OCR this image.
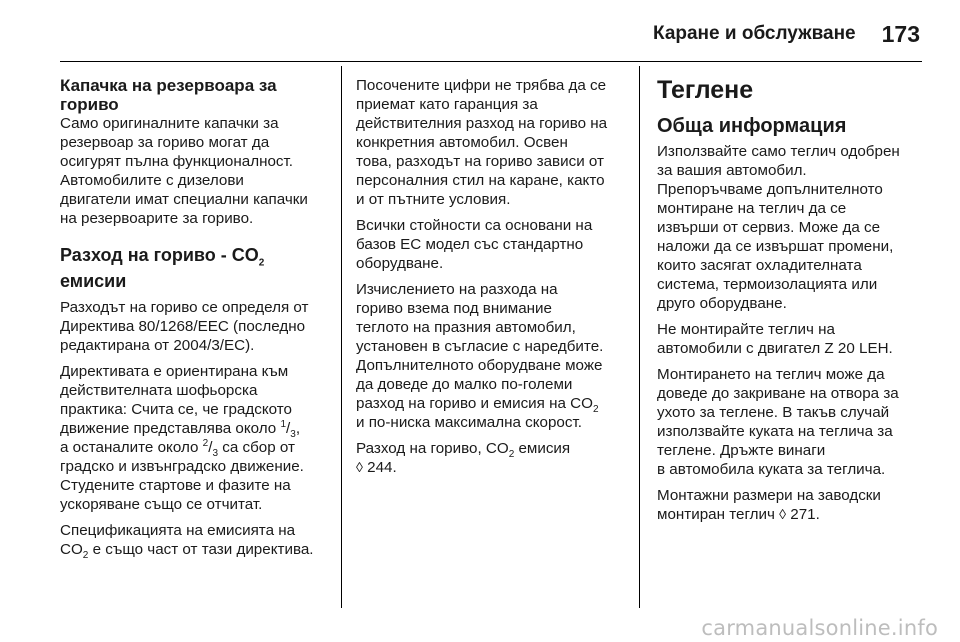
Каране и обслужване 173
Капачка на резервоара за
гориво

Само оригиналните капачки за
резервоар за гориво могат да
осигурят пълна функционалност.
Автомобилите с дизелови
двигатели имат специални капачки
на резервоарите за гориво.

Разход на гориво - $CO_2$
емисии

Разходът на гориво се определя от
Директива 80/1268/EEC (последно
редактирана от 2004/3/EC).

Директивата е ориентирана към
действителната шофьорска
практика: Счита се, че градското
движение представлява около $^1/_3$,
а останалите около $^2/_3$ са сбор от
градско и извънградско движение.
Студените стартове и фазите на
ускоряване също се отчитат.

Спецификацията на емисията на
$CO_2$ е също част от тази директива.

Посочените цифри не трябва да се
приемат като гаранция за
действителния разход на гориво на
конкретния автомобил. Освен
това, разходът на гориво зависи от
персоналния стил на каране, както
и от пътните условия.

Всички стойности са основани на
базов ЕС модел със стандартно
оборудване.

Изчислението на разхода на
гориво взема под внимание
теглото на празния автомобил,
установен в съгласие с наредбите.
Допълнителното оборудване може
да доведе до малко по-големи
разход на гориво и емисия на $CO_2$
и по-ниска максимална скорост.

Разход на гориво, $CO_2$ емисия
◊ 244.

Теглене
Обща информация

Използвайте само теглич одобрен
за вашия автомобил.
Препоръчваме допълнителното
монтиране на теглич да се
извърши от сервиз. Може да се
наложи да се извършат промени,
които засягат охладителната
система, термоизолацията или
друго оборудване.

Не монтирайте теглич на
автомобили с двигател Z 20 LEH.

Монтирането на теглич може да
доведе до закриване на отвора за
ухото за теглене. В такъв случай
използвайте куката на теглича за
теглене. Дръжте винаги
в автомобила куката за теглича.

Монтажни размери на заводски
монтиран теглич ◊ 271.

carmanualsonline.info
